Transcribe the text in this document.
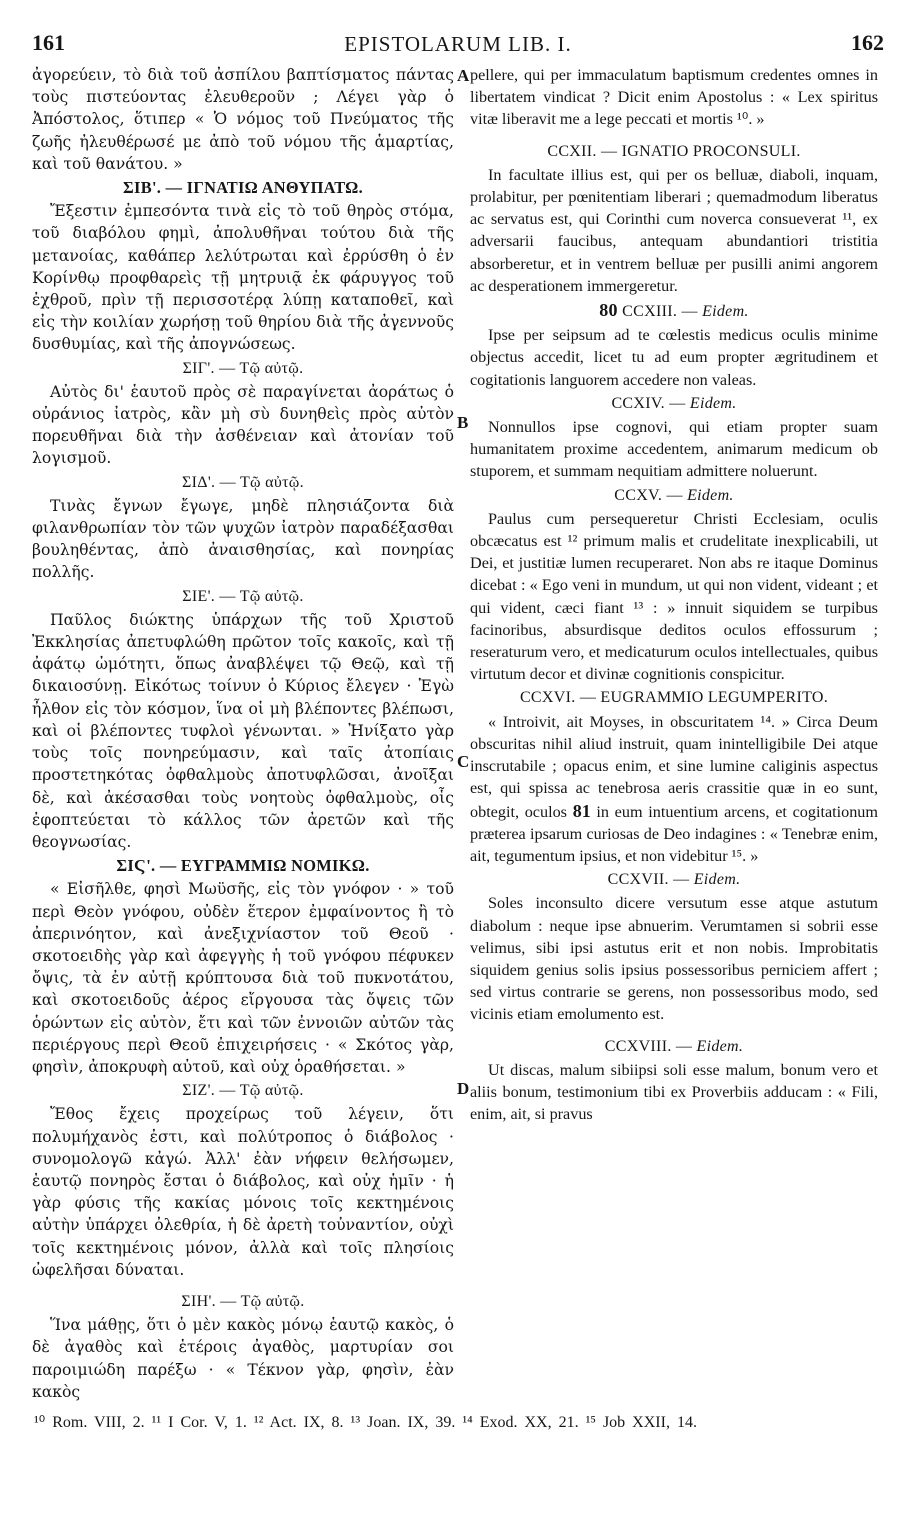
161	EPISTOLARUM LIB. I.	162

ἀγορεύειν, τὸ διὰ τοῦ ἀσπίλου βαπτίσματος πάντας τοὺς πιστεύοντας ἐλευθεροῦν ; Λέγει γὰρ ὁ Ἀπόστολος, ὅτιπερ « Ὁ νόμος τοῦ Πνεύματος τῆς ζωῆς ἠλευθέρωσέ με ἀπὸ τοῦ νόμου τῆς ἁμαρτίας, καὶ τοῦ θανάτου. »

ΣΙΒ'. — ΙΓΝΑΤΙΩ ΑΝΘΥΠΑΤΩ.

Ἔξεστιν ἐμπεσόντα τινὰ εἰς τὸ τοῦ θηρὸς στόμα, τοῦ διαβόλου φημὶ, ἀπολυθῆναι τούτου διὰ τῆς μετανοίας, καθάπερ λελύτρωται καὶ ἐρρύσθη ὁ ἐν Κορίνθῳ προφθαρεὶς τῇ μητρυιᾷ ἐκ φάρυγγος τοῦ ἐχθροῦ, πρὶν τῇ περισσοτέρᾳ λύπῃ καταποθεῖ, καὶ εἰς τὴν κοιλίαν χωρήσῃ τοῦ θηρίου διὰ τῆς ἀγεννοῦς δυσθυμίας, καὶ τῆς ἀπογνώσεως.

ΣΙΓ'. — Τῷ αὐτῷ.

Αὐτὸς δι' ἑαυτοῦ πρὸς σὲ παραγίνεται ἀοράτως ὁ οὐράνιος ἰατρὸς, κἂν μὴ σὺ δυνηθεὶς πρὸς αὐτὸν πορευθῆναι διὰ τὴν ἀσθένειαν καὶ ἀτονίαν τοῦ λογισμοῦ.

ΣΙΔ'. — Τῷ αὐτῷ.

Τινὰς ἔγνων ἔγωγε, μηδὲ πλησιάζοντα διὰ φιλανθρωπίαν τὸν τῶν ψυχῶν ἰατρὸν παραδέξασθαι βουληθέντας, ἀπὸ ἀναισθησίας, καὶ πονηρίας πολλῆς.

ΣΙΕ'. — Τῷ αὐτῷ.

Παῦλος διώκτης ὑπάρχων τῆς τοῦ Χριστοῦ Ἐκκλησίας ἀπετυφλώθη πρῶτον τοῖς κακοῖς, καὶ τῇ ἀφάτῳ ὠμότητι, ὅπως ἀναβλέψει τῷ Θεῷ, καὶ τῇ δικαιοσύνῃ. Εἰκότως τοίνυν ὁ Κύριος ἔλεγεν · Ἐγὼ ἦλθον εἰς τὸν κόσμον, ἵνα οἱ μὴ βλέποντες βλέπωσι, καὶ οἱ βλέποντες τυφλοὶ γένωνται. » Ἠνίξατο γὰρ τοὺς τοῖς πονηρεύμασιν, καὶ ταῖς ἀτοπίαις προστετηκότας ὀφθαλμοὺς ἀποτυφλῶσαι, ἀνοῖξαι δὲ, καὶ ἀκέσασθαι τοὺς νοητοὺς ὀφθαλμοὺς, οἷς ἐφοπτεύεται τὸ κάλλος τῶν ἀρετῶν καὶ τῆς θεογνωσίας.

ΣΙϚ'. — ΕΥΓΡΑΜΜΙΩ ΝΟΜΙΚΩ.

« Εἰσῆλθε, φησὶ Μωϋσῆς, εἰς τὸν γνόφον · » τοῦ περὶ Θεὸν γνόφου, οὐδὲν ἕτερον ἐμφαίνοντος ἢ τὸ ἀπερινόητον, καὶ ἀνεξιχνίαστον τοῦ Θεοῦ · σκοτοειδὴς γὰρ καὶ ἀφεγγὴς ἡ τοῦ γνόφου πέφυκεν ὄψις, τὰ ἐν αὐτῇ κρύπτουσα διὰ τοῦ πυκνοτάτου, καὶ σκοτοειδοῦς ἀέρος εἴργουσα τὰς ὄψεις τῶν ὁρώντων εἰς αὐτὸν, ἔτι καὶ τῶν ἐννοιῶν αὐτῶν τὰς περιέργους περὶ Θεοῦ ἐπιχειρήσεις · « Σκότος γὰρ, φησὶν, ἀποκρυφὴ αὐτοῦ, καὶ οὐχ ὁραθήσεται. »

ΣΙΖ'. — Τῷ αὐτῷ.

Ἔθος ἔχεις προχείρως τοῦ λέγειν, ὅτι πολυμήχανὸς ἐστι, καὶ πολύτροπος ὁ διάβολος · συνομολογῶ κἀγώ. Ἀλλ' ἐὰν νήφειν θελήσωμεν, ἑαυτῷ πονηρὸς ἔσται ὁ διάβολος, καὶ οὐχ ἡμῖν · ἡ γὰρ φύσις τῆς κακίας μόνοις τοῖς κεκτημένοις αὐτὴν ὑπάρχει ὀλεθρία, ἡ δὲ ἀρετὴ τοὐναντίον, οὐχὶ τοῖς κεκτημένοις μόνον, ἀλλὰ καὶ τοῖς πλησίοις ὠφελῆσαι δύναται.

ΣΙΗ'. — Τῷ αὐτῷ.

Ἵνα μάθῃς, ὅτι ὁ μὲν κακὸς μόνῳ ἑαυτῷ κακὸς, ὁ δὲ ἀγαθὸς καὶ ἑτέροις ἀγαθὸς, μαρτυρίαν σοι παροιμιώδη παρέξω · « Τέκνον γὰρ, φησὶν, ἐὰν κακὸς

A
B
C
D

pellere, qui per immaculatum baptismum credentes omnes in libertatem vindicat ? Dicit enim Apostolus : « Lex spiritus vitæ liberavit me a lege peccati et mortis ¹⁰. »

CCXII. — IGNATIO PROCONSULI.

In facultate illius est, qui per os belluæ, diaboli, inquam, prolabitur, per pœnitentiam liberari ; quemadmodum liberatus ac servatus est, qui Corinthi cum noverca consueverat ¹¹, ex adversarii faucibus, antequam abundantiori tristitia absorberetur, et in ventrem belluæ per pusilli animi angorem ac desperationem immergeretur.

80 CCXIII. — Eidem.

Ipse per seipsum ad te cœlestis medicus oculis minime objectus accedit, licet tu ad eum propter ægritudinem et cogitationis languorem accedere non valeas.

CCXIV. — Eidem.

Nonnullos ipse cognovi, qui etiam propter suam humanitatem proxime accedentem, animarum medicum ob stuporem, et summam nequitiam admittere noluerunt.

CCXV. — Eidem.

Paulus cum persequeretur Christi Ecclesiam, oculis obcæcatus est ¹² primum malis et crudelitate inexplicabili, ut Dei, et justitiæ lumen recuperaret. Non abs re itaque Dominus dicebat : « Ego veni in mundum, ut qui non vident, videant ; et qui vident, cæci fiant ¹³ : » innuit siquidem se turpibus facinoribus, absurdisque deditos oculos effossurum ; reseraturum vero, et medicaturum oculos intellectuales, quibus virtutum decor et divinæ cognitionis conspicitur.

CCXVI. — EUGRAMMIO LEGUMPERITO.

« Introivit, ait Moyses, in obscuritatem ¹⁴. » Circa Deum obscuritas nihil aliud instruit, quam inintelligibile Dei atque inscrutabile ; opacus enim, et sine lumine caliginis aspectus est, qui spissa ac tenebrosa aeris crassitie quæ in eo sunt, obtegit, oculos 81 in eum intuentium arcens, et cogitationum præterea ipsarum curiosas de Deo indagines : « Tenebræ enim, ait, tegumentum ipsius, et non videbitur ¹⁵. »

CCXVII. — Eidem.

Soles inconsulto dicere versutum esse atque astutum diabolum : neque ipse abnuerim. Verumtamen si sobrii esse velimus, sibi ipsi astutus erit et non nobis. Improbitatis siquidem genius solis ipsius possessoribus perniciem affert ; sed virtus contrarie se gerens, non possessoribus modo, sed vicinis etiam emolumento est.

CCXVIII. — Eidem.

Ut discas, malum sibiipsi soli esse malum, bonum vero et aliis bonum, testimonium tibi ex Proverbiis adducam : « Fili, enim, ait, si pravus

¹⁰ Rom. VIII, 2. ¹¹ I Cor. V, 1. ¹² Act. IX, 8. ¹³ Joan. IX, 39. ¹⁴ Exod. XX, 21. ¹⁵ Job XXII, 14.
